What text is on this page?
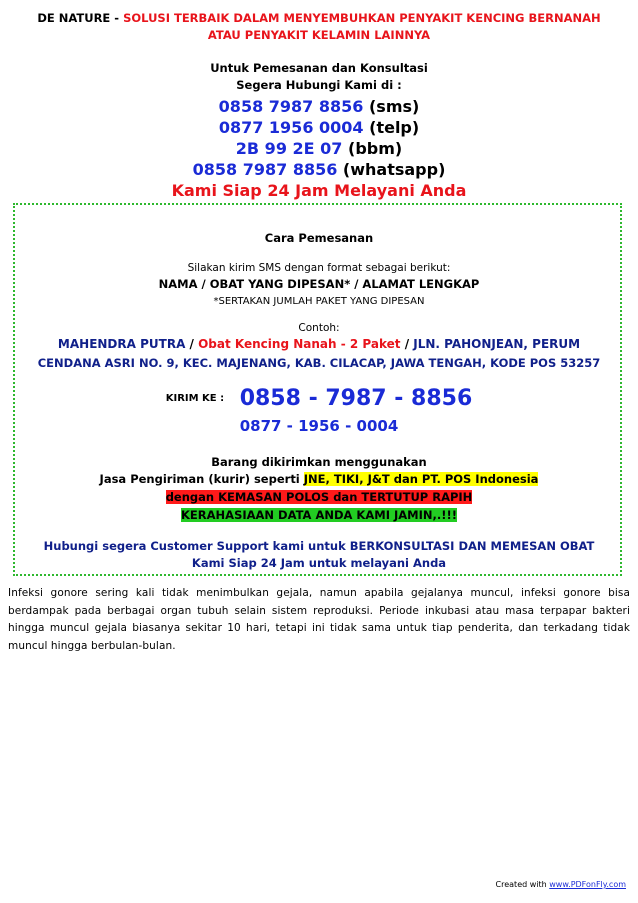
DE NATURE - SOLUSI TERBAIK DALAM MENYEMBUHKAN PENYAKIT KENCING BERNANAH
ATAU PENYAKIT KELAMIN LAINNYA
Untuk Pemesanan dan Konsultasi
Segera Hubungi Kami di :
0858 7987 8856 (sms)
0877 1956 0004 (telp)
2B 99 2E 07 (bbm)
0858 7987 8856 (whatsapp)
Kami Siap 24 Jam Melayani Anda
Cara Pemesanan
Silakan kirim SMS dengan format sebagai berikut:
NAMA / OBAT YANG DIPESAN* / ALAMAT LENGKAP
*SERTAKAN JUMLAH PAKET YANG DIPESAN
Contoh:
MAHENDRA PUTRA / Obat Kencing Nanah - 2 Paket / JLN. PAHONJEAN, PERUM
CENDANA ASRI NO. 9, KEC. MAJENANG, KAB. CILACAP, JAWA TENGAH, KODE POS 53257
KIRIM KE : 0858 - 7987 - 8856
0877 - 1956 - 0004
Barang dikirimkan menggunakan
Jasa Pengiriman (kurir) seperti JNE, TIKI, J&T dan PT. POS Indonesia
dengan KEMASAN POLOS dan TERTUTUP RAPIH
KERAHASIAAN DATA ANDA KAMI JAMIN,.!!!
Hubungi segera Customer Support kami untuk BERKONSULTASI DAN MEMESAN OBAT
Kami Siap 24 Jam untuk melayani Anda
Infeksi gonore sering kali tidak menimbulkan gejala, namun apabila gejalanya muncul, infeksi gonore bisa berdampak pada berbagai organ tubuh selain sistem reproduksi. Periode inkubasi atau masa terpapar bakteri hingga muncul gejala biasanya sekitar 10 hari, tetapi ini tidak sama untuk tiap penderita, dan terkadang tidak muncul hingga berbulan-bulan.
Created with www.PDFonFly.com
